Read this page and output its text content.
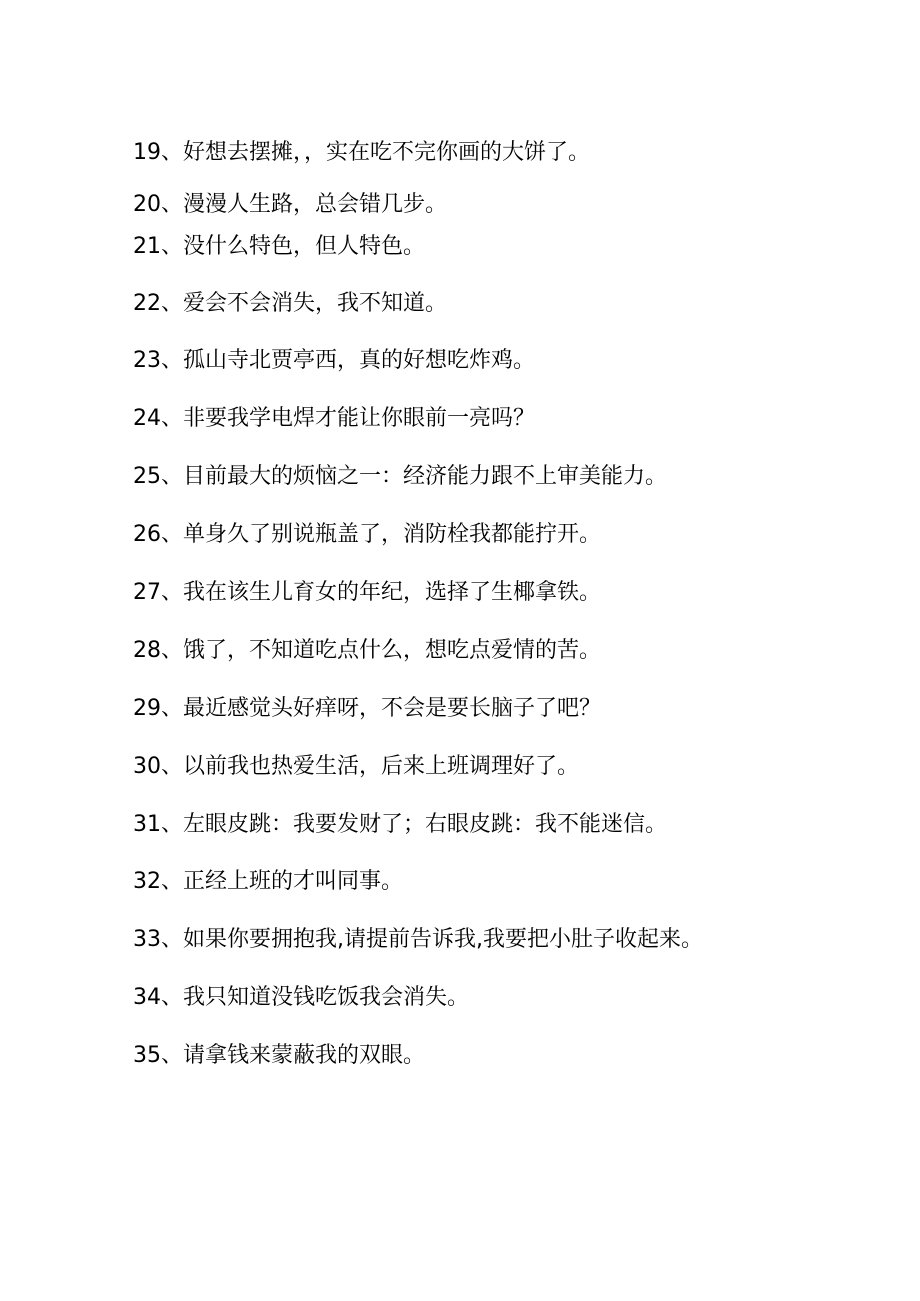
19、好想去摆摊，，实在吃不完你画的大饼了。
20、漫漫人生路，总会错几步。
21、没什么特色，但人特色。
22、爱会不会消失，我不知道。
23、孤山寺北贾亭西，真的好想吃炸鸡。
24、非要我学电焊才能让你眼前一亮吗？
25、目前最大的烦恼之一：经济能力跟不上审美能力。
26、单身久了别说瓶盖了，消防栓我都能拧开。
27、我在该生儿育女的年纪，选择了生椰拿铁。
28、饿了，不知道吃点什么，想吃点爱情的苦。
29、最近感觉头好痒呀，不会是要长脑子了吧？
30、以前我也热爱生活，后来上班调理好了。
31、左眼皮跳：我要发财了；右眼皮跳：我不能迷信。
32、正经上班的才叫同事。
33、如果你要拥抱我,请提前告诉我,我要把小肚子收起来。
34、我只知道没钱吃饭我会消失。
35、请拿钱来蒙蔽我的双眼。
